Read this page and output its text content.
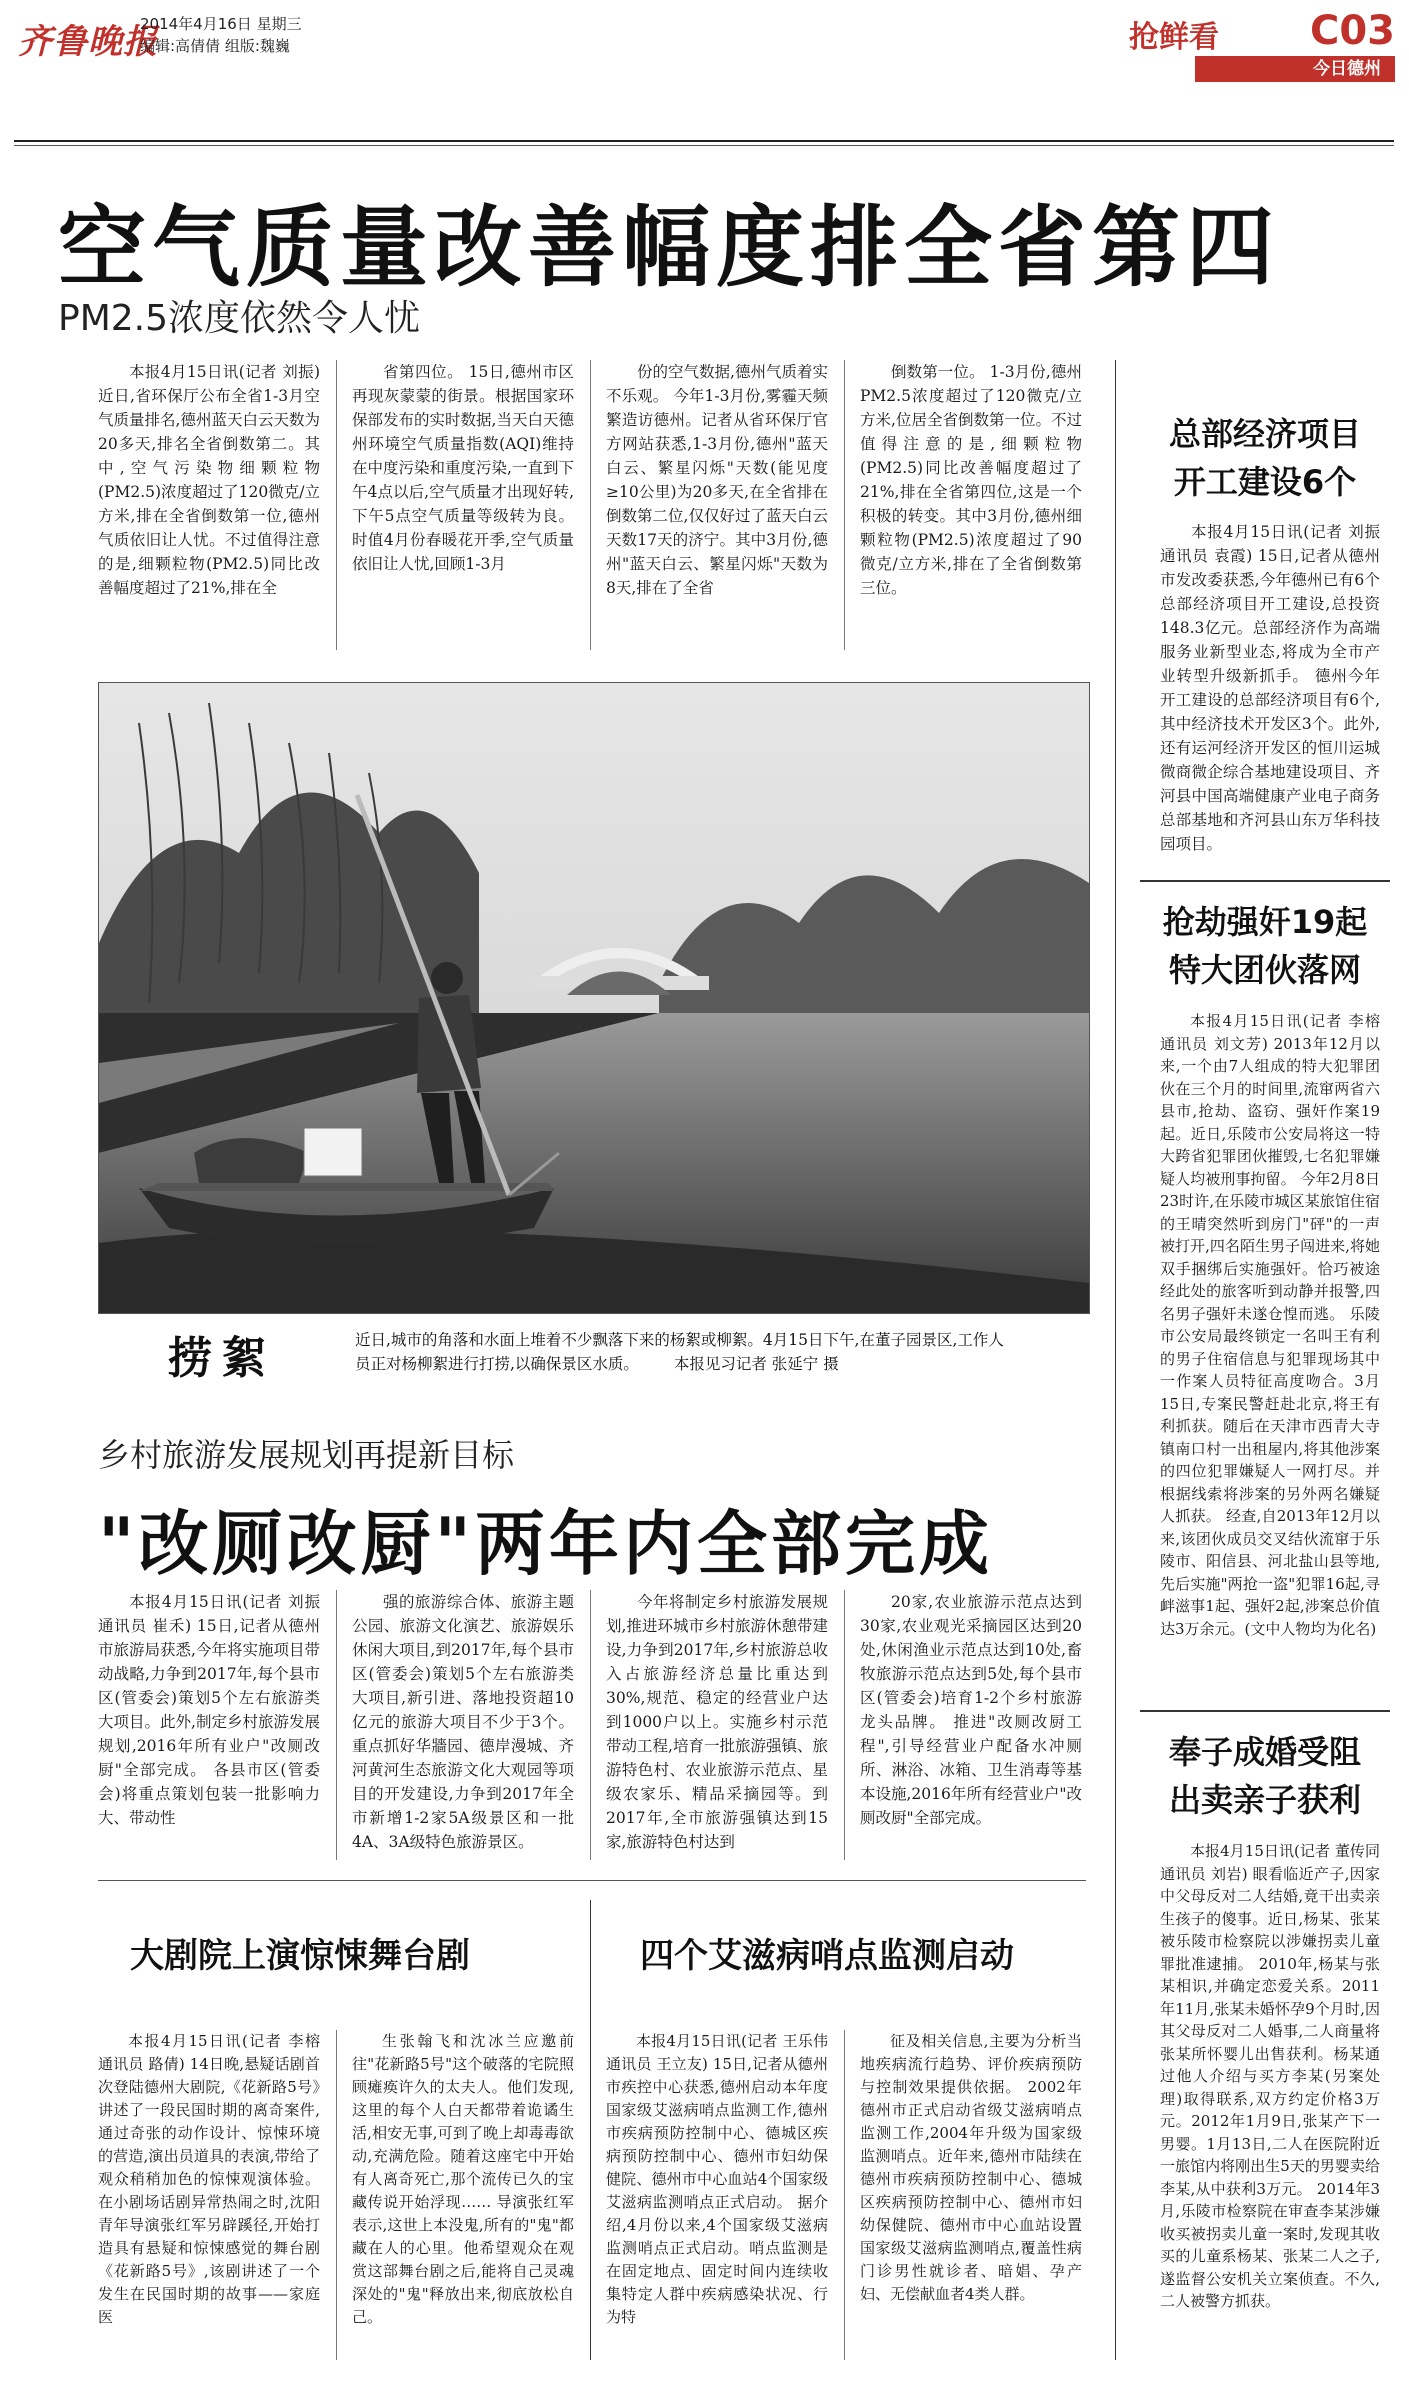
齐鲁晚报
2014年4月16日 星期三
编辑:高倩倩 组版:魏巍	抢鲜看 C03
今日德州
空气质量改善幅度排全省第四
PM2.5浓度依然令人忧

本报4月15日讯(记者 刘振) 近日,省环保厅公布全省1-3月空气质量排名,德州蓝天白云天数为20多天,排名全省倒数第二。其中,空气污染物细颗粒物(PM2.5)浓度超过了120微克/立方米,排在全省倒数第一位,德州气质依旧让人忧。不过值得注意的是,细颗粒物(PM2.5)同比改善幅度超过了21%,排在全

省第四位。 15日,德州市区再现灰蒙蒙的街景。根据国家环保部发布的实时数据,当天白天德州环境空气质量指数(AQI)维持在中度污染和重度污染,一直到下午4点以后,空气质量才出现好转,下午5点空气质量等级转为良。时值4月份春暖花开季,空气质量依旧让人忧,回顾1-3月

份的空气数据,德州气质着实不乐观。 今年1-3月份,雾霾天频繁造访德州。记者从省环保厅官方网站获悉,1-3月份,德州"蓝天白云、繁星闪烁"天数(能见度≥10公里)为20多天,在全省排在倒数第二位,仅仅好过了蓝天白云天数17天的济宁。其中3月份,德州"蓝天白云、繁星闪烁"天数为8天,排在了全省

倒数第一位。 1-3月份,德州PM2.5浓度超过了120微克/立方米,位居全省倒数第一位。不过值得注意的是,细颗粒物(PM2.5)同比改善幅度超过了21%,排在全省第四位,这是一个积极的转变。其中3月份,德州细颗粒物(PM2.5)浓度超过了90微克/立方米,排在了全省倒数第三位。

捞絮	近日,城市的角落和水面上堆着不少飘落下来的杨絮或柳絮。4月15日下午,在董子园景区,工作人员正对杨柳絮进行打捞,以确保景区水质。 本报见习记者 张延宁 摄
乡村旅游发展规划再提新目标
"改厕改厨"两年内全部完成

本报4月15日讯(记者 刘振 通讯员 崔禾) 15日,记者从德州市旅游局获悉,今年将实施项目带动战略,力争到2017年,每个县市区(管委会)策划5个左右旅游类大项目。此外,制定乡村旅游发展规划,2016年所有业户"改厕改厨"全部完成。 各县市区(管委会)将重点策划包装一批影响力大、带动性

强的旅游综合体、旅游主题公园、旅游文化演艺、旅游娱乐休闲大项目,到2017年,每个县市区(管委会)策划5个左右旅游类大项目,新引进、落地投资超10亿元的旅游大项目不少于3个。重点抓好华牆园、德岸漫城、齐河黄河生态旅游文化大观园等项目的开发建设,力争到2017年全市新增1-2家5A级景区和一批4A、3A级特色旅游景区。

今年将制定乡村旅游发展规划,推进环城市乡村旅游休憩带建设,力争到2017年,乡村旅游总收入占旅游经济总量比重达到30%,规范、稳定的经营业户达到1000户以上。实施乡村示范带动工程,培育一批旅游强镇、旅游特色村、农业旅游示范点、星级农家乐、精品采摘园等。到2017年,全市旅游强镇达到15家,旅游特色村达到

20家,农业旅游示范点达到30家,农业观光采摘园区达到20处,休闲渔业示范点达到10处,畜牧旅游示范点达到5处,每个县市区(管委会)培育1-2个乡村旅游龙头品牌。 推进"改厕改厨工程",引导经营业户配备水冲厕所、淋浴、冰箱、卫生消毒等基本设施,2016年所有经营业户"改厕改厨"全部完成。

大剧院上演惊悚舞台剧

本报4月15日讯(记者 李榕 通讯员 路倩) 14日晚,悬疑话剧首次登陆德州大剧院,《花新路5号》讲述了一段民国时期的离奇案件,通过奇张的动作设计、惊悚环境的营造,演出员道具的表演,带给了观众稍稍加色的惊悚观演体验。 在小剧场话剧异常热闹之时,沈阳青年导演张红军另辟蹊径,开始打造具有悬疑和惊悚感觉的舞台剧《花新路5号》,该剧讲述了一个发生在民国时期的故事——家庭医

生张翰飞和沈冰兰应邀前往"花新路5号"这个破落的宅院照顾瘫痪许久的太夫人。他们发现,这里的每个人白天都带着诡谲生活,相安无事,可到了晚上却毒毒欲动,充满危险。随着这座宅中开始有人离奇死亡,那个流传已久的宝藏传说开始浮现…… 导演张红军表示,这世上本没鬼,所有的"鬼"都藏在人的心里。他希望观众在观赏这部舞台剧之后,能将自己灵魂深处的"鬼"释放出来,彻底放松自己。

四个艾滋病哨点监测启动

本报4月15日讯(记者 王乐伟 通讯员 王立友) 15日,记者从德州市疾控中心获悉,德州启动本年度国家级艾滋病哨点监测工作,德州市疾病预防控制中心、德城区疾病预防控制中心、德州市妇幼保健院、德州市中心血站4个国家级艾滋病监测哨点正式启动。 据介绍,4月份以来,4个国家级艾滋病监测哨点正式启动。哨点监测是在固定地点、固定时间内连续收集特定人群中疾病感染状况、行为特

征及相关信息,主要为分析当地疾病流行趋势、评价疾病预防与控制效果提供依据。 2002年德州市正式启动省级艾滋病哨点监测工作,2004年升级为国家级监测哨点。近年来,德州市陆续在德州市疾病预防控制中心、德城区疾病预防控制中心、德州市妇幼保健院、德州市中心血站设置国家级艾滋病监测哨点,覆盖性病门诊男性就诊者、暗娼、孕产妇、无偿献血者4类人群。

总部经济项目
开工建设6个

本报4月15日讯(记者 刘振 通讯员 袁霞) 15日,记者从德州市发改委获悉,今年德州已有6个总部经济项目开工建设,总投资148.3亿元。总部经济作为高端服务业新型业态,将成为全市产业转型升级新抓手。 德州今年开工建设的总部经济项目有6个,其中经济技术开发区3个。此外,还有运河经济开发区的恒川运城微商微企综合基地建设项目、齐河县中国高端健康产业电子商务总部基地和齐河县山东万华科技园项目。

抢劫强奸19起
特大团伙落网

本报4月15日讯(记者 李榕 通讯员 刘文芳) 2013年12月以来,一个由7人组成的特大犯罪团伙在三个月的时间里,流窜两省六县市,抢劫、盗窃、强奸作案19起。近日,乐陵市公安局将这一特大跨省犯罪团伙摧毁,七名犯罪嫌疑人均被刑事拘留。 今年2月8日23时许,在乐陵市城区某旅馆住宿的王晴突然听到房门"砰"的一声被打开,四名陌生男子闯进来,将她双手捆绑后实施强奸。恰巧被途经此处的旅客听到动静并报警,四名男子强奸未遂仓惶而逃。 乐陵市公安局最终锁定一名叫王有利的男子住宿信息与犯罪现场其中一作案人员特征高度吻合。3月15日,专案民警赶赴北京,将王有利抓获。随后在天津市西青大寺镇南口村一出租屋内,将其他涉案的四位犯罪嫌疑人一网打尽。并根据线索将涉案的另外两名嫌疑人抓获。 经查,自2013年12月以来,该团伙成员交叉结伙流窜于乐陵市、阳信县、河北盐山县等地,先后实施"两抢一盗"犯罪16起,寻衅滋事1起、强奸2起,涉案总价值达3万余元。(文中人物均为化名)

奉子成婚受阻
出卖亲子获利

本报4月15日讯(记者 董传同 通讯员 刘岩) 眼看临近产子,因家中父母反对二人结婚,竟干出卖亲生孩子的傻事。近日,杨某、张某被乐陵市检察院以涉嫌拐卖儿童罪批准逮捕。 2010年,杨某与张某相识,并确定恋爱关系。2011年11月,张某未婚怀孕9个月时,因其父母反对二人婚事,二人商量将张某所怀婴儿出售获利。杨某通过他人介绍与买方李某(另案处理)取得联系,双方约定价格3万元。2012年1月9日,张某产下一男婴。1月13日,二人在医院附近一旅馆内将刚出生5天的男婴卖给李某,从中获利3万元。 2014年3月,乐陵市检察院在审查李某涉嫌收买被拐卖儿童一案时,发现其收买的儿童系杨某、张某二人之子,遂监督公安机关立案侦查。不久,二人被警方抓获。
